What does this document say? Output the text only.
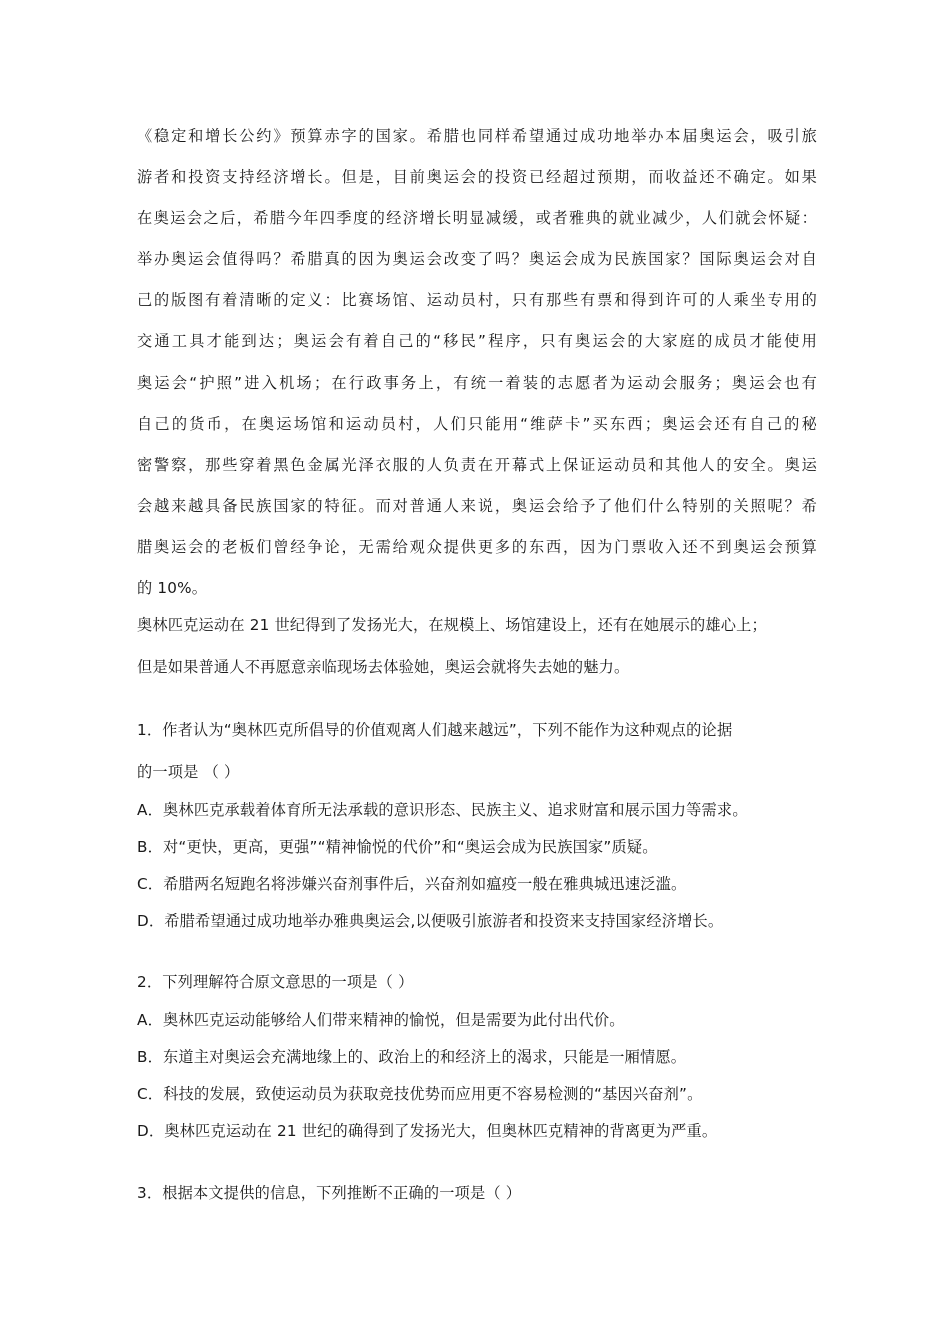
《稳定和增长公约》预算赤字的国家。希腊也同样希望通过成功地举办本届奥运会，吸引旅
游者和投资支持经济增长。但是，目前奥运会的投资已经超过预期，而收益还不确定。如果
在奥运会之后，希腊今年四季度的经济增长明显减缓，或者雅典的就业减少，人们就会怀疑：
举办奥运会值得吗？希腊真的因为奥运会改变了吗？奥运会成为民族国家？国际奥运会对自
己的版图有着清晰的定义：比赛场馆、运动员村，只有那些有票和得到许可的人乘坐专用的
交通工具才能到达；奥运会有着自己的“移民”程序，只有奥运会的大家庭的成员才能使用
奥运会“护照”进入机场；在行政事务上，有统一着装的志愿者为运动会服务；奥运会也有
自己的货币，在奥运场馆和运动员村，人们只能用“维萨卡”买东西；奥运会还有自己的秘
密警察，那些穿着黑色金属光泽衣服的人负责在开幕式上保证运动员和其他人的安全。奥运
会越来越具备民族国家的特征。而对普通人来说，奥运会给予了他们什么特别的关照呢？希
腊奥运会的老板们曾经争论，无需给观众提供更多的东西，因为门票收入还不到奥运会预算
的 10%。
奥林匹克运动在 21 世纪得到了发扬光大，在规模上、场馆建设上，还有在她展示的雄心上；
但是如果普通人不再愿意亲临现场去体验她，奥运会就将失去她的魅力。
1．作者认为“奥林匹克所倡导的价值观离人们越来越远”，下列不能作为这种观点的论据
的一项是 （ ）
A．奥林匹克承载着体育所无法承载的意识形态、民族主义、追求财富和展示国力等需求。
B．对“更快，更高，更强”“精神愉悦的代价”和“奥运会成为民族国家”质疑。
C．希腊两名短跑名将涉嫌兴奋剂事件后，兴奋剂如瘟疫一般在雅典城迅速泛滥。
D．希腊希望通过成功地举办雅典奥运会,以便吸引旅游者和投资来支持国家经济增长。
2．下列理解符合原文意思的一项是（ ）
A．奥林匹克运动能够给人们带来精神的愉悦，但是需要为此付出代价。
B．东道主对奥运会充满地缘上的、政治上的和经济上的渴求，只能是一厢情愿。
C．科技的发展，致使运动员为获取竞技优势而应用更不容易检测的“基因兴奋剂”。
D．奥林匹克运动在 21 世纪的确得到了发扬光大，但奥林匹克精神的背离更为严重。
3．根据本文提供的信息，下列推断不正确的一项是（ ）
